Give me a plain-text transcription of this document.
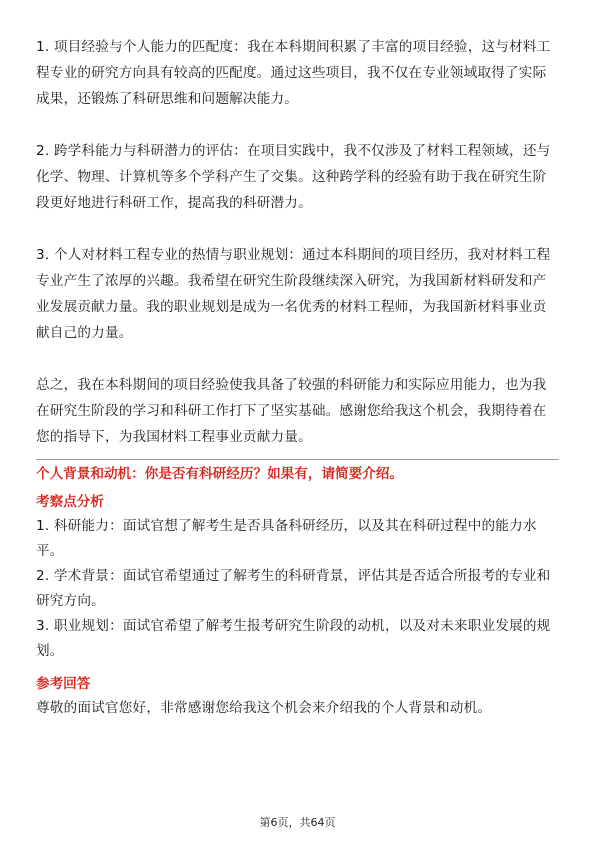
1. 项目经验与个人能力的匹配度：我在本科期间积累了丰富的项目经验，这与材料工程专业的研究方向具有较高的匹配度。通过这些项目，我不仅在专业领域取得了实际成果，还锻炼了科研思维和问题解决能力。

2. 跨学科能力与科研潜力的评估：在项目实践中，我不仅涉及了材料工程领域，还与化学、物理、计算机等多个学科产生了交集。这种跨学科的经验有助于我在研究生阶段更好地进行科研工作，提高我的科研潜力。

3. 个人对材料工程专业的热情与职业规划：通过本科期间的项目经历，我对材料工程专业产生了浓厚的兴趣。我希望在研究生阶段继续深入研究，为我国新材料研发和产业发展贡献力量。我的职业规划是成为一名优秀的材料工程师，为我国新材料事业贡献自己的力量。

总之，我在本科期间的项目经验使我具备了较强的科研能力和实际应用能力，也为我在研究生阶段的学习和科研工作打下了坚实基础。感谢您给我这个机会，我期待着在您的指导下，为我国材料工程事业贡献力量。

个人背景和动机：你是否有科研经历？如果有，请简要介绍。

考察点分析

1. 科研能力：面试官想了解考生是否具备科研经历，以及其在科研过程中的能力水平。

2. 学术背景：面试官希望通过了解考生的科研背景，评估其是否适合所报考的专业和研究方向。

3. 职业规划：面试官希望了解考生报考研究生阶段的动机，以及对未来职业发展的规划。

参考回答

尊敬的面试官您好，非常感谢您给我这个机会来介绍我的个人背景和动机。

第6页，共64页
